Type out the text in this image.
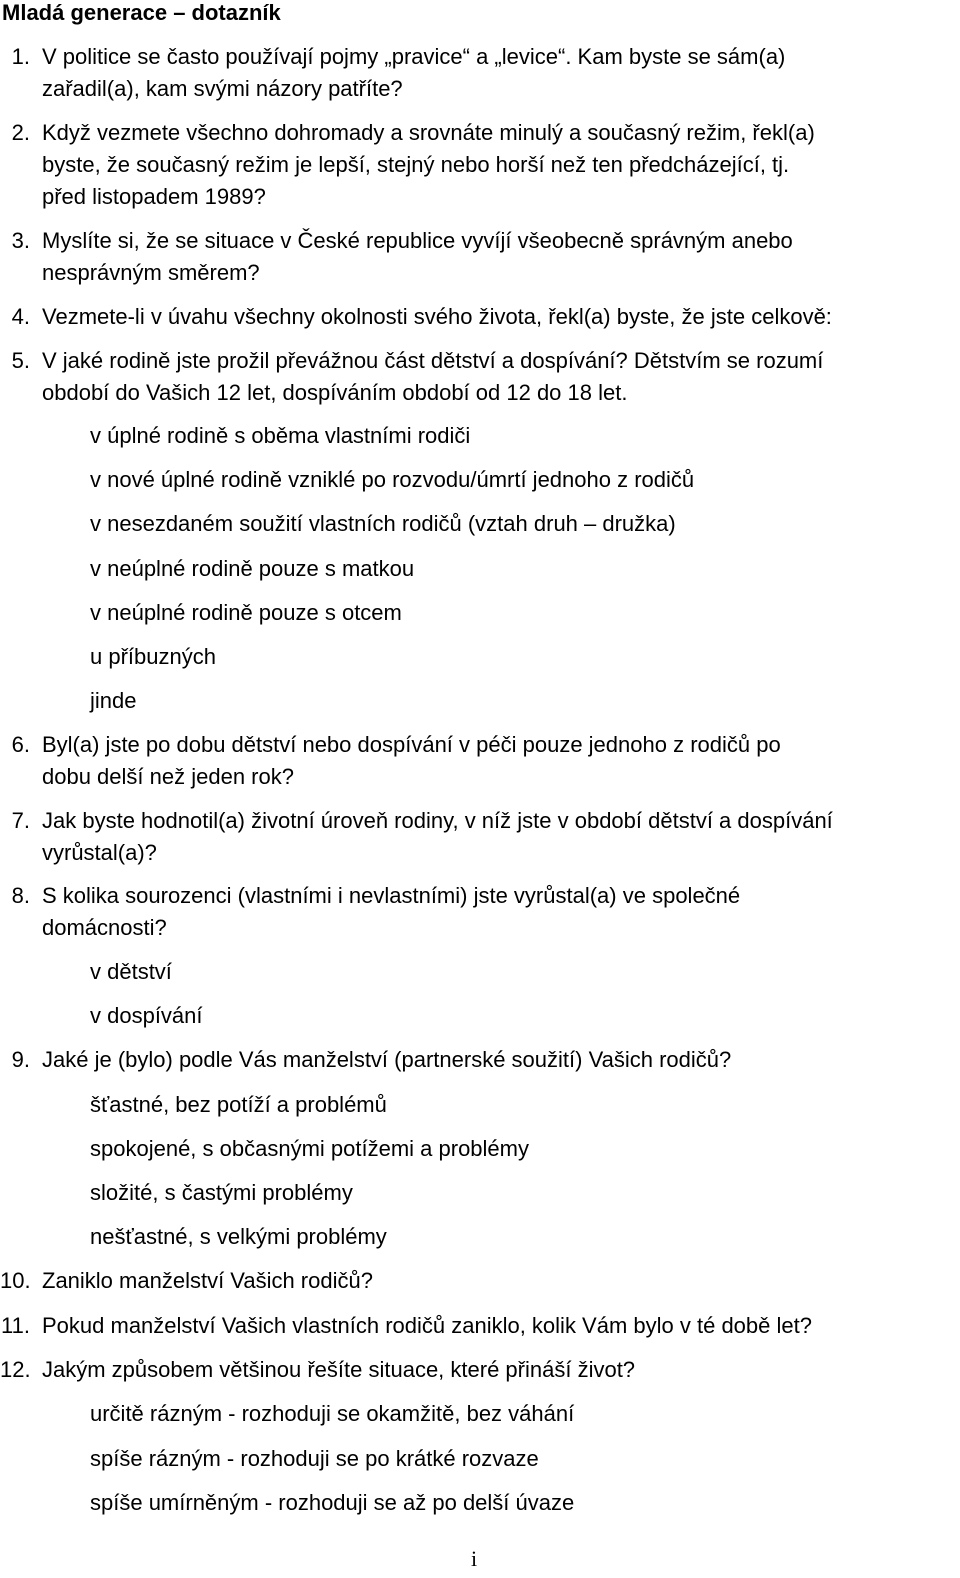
Mladá generace – dotazník
1. V politice se často používají pojmy „pravice“ a „levice“. Kam byste se sám(a)
zařadil(a), kam svými názory patříte?
2. Když vezmete všechno dohromady a srovnáte minulý a současný režim, řekl(a)
byste, že současný režim je lepší, stejný nebo horší než ten předcházející, tj.
před listopadem 1989?
3. Myslíte si, že se situace v České republice vyvíjí všeobecně správným anebo
nesprávným směrem?
4. Vezmete-li v úvahu všechny okolnosti svého života, řekl(a) byste, že jste celkově:
5. V jaké rodině jste prožil převážnou část dětství a dospívání? Dětstvím se rozumí
období do Vašich 12 let, dospíváním období od 12 do 18 let.
v úplné rodině s oběma vlastními rodiči
v nové úplné rodině vzniklé po rozvodu/úmrtí jednoho z rodičů
v nesezdaném soužití vlastních rodičů (vztah druh – družka)
v neúplné rodině pouze s matkou
v neúplné rodině pouze s otcem
u příbuzných
jinde
6. Byl(a) jste po dobu dětství nebo dospívání v péči pouze jednoho z rodičů po
dobu delší než jeden rok?
7. Jak byste hodnotil(a) životní úroveň rodiny, v níž jste v období dětství a dospívání
vyrůstal(a)?
8. S kolika sourozenci (vlastními i nevlastními) jste vyrůstal(a) ve společné
domácnosti?
v dětství
v dospívání
9. Jaké je (bylo) podle Vás manželství (partnerské soužití) Vašich rodičů?
šťastné, bez potíží a problémů
spokojené, s občasnými potížemi a problémy
složité, s častými problémy
nešťastné, s velkými problémy
10. Zaniklo manželství Vašich rodičů?
11. Pokud manželství Vašich vlastních rodičů zaniklo, kolik Vám bylo v té době let?
12. Jakým způsobem většinou řešíte situace, které přináší život?
určitě rázným - rozhoduji se okamžitě, bez váhání
spíše rázným - rozhoduji se po krátké rozvaze
spíše umírněným - rozhoduji se až po delší úvaze
i
